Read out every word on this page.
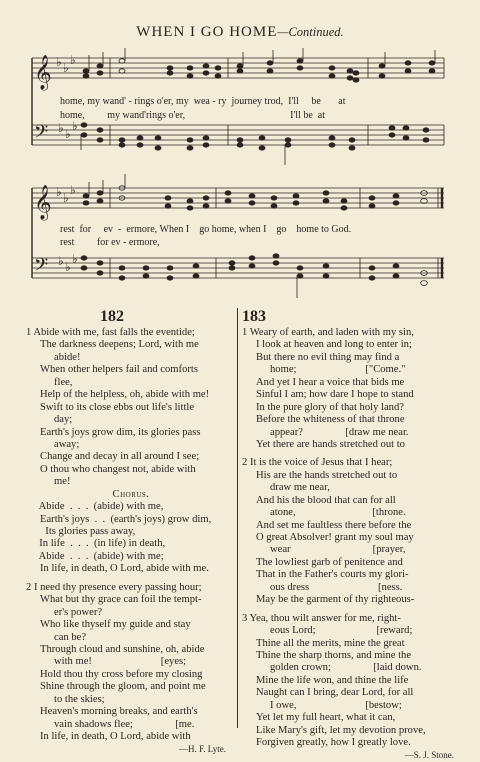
WHEN I GO HOME—Continued.
𝄞
𝄢
𝄞
𝄢
♭ ♭
♭
♭ ♭
♭
♭ ♭
♭
♭ ♭
♭
home, my wand' - rings o'er, my  wea - ry  journey trod,  I'll     be       at
home,         my wand'rings o'er,                                          I'll be  at
rest  for     ev  -  ermore, When I    go home, when I    go    home to God.
rest         for ev - ermore,
182	183
1 Abide with me, fast falls the eventide;
The darkness deepens; Lord, with me
abide!
When other helpers fail and comforts
flee,
Help of the helpless, oh, abide with me!
Swift to its close ebbs out life's little
day;
Earth's joys grow dim, its glories pass
away;
Change and decay in all around I see;
O thou who changest not, abide with
me!
Chorus.
Abide  .  .  .  (abide) with me,
Earth's joys  .  .  (earth's joys) grow dim,
Its glories pass away,
In life  .  .  .  (in life) in death,
Abide  .  .  .  (abide) with me;
In life, in death, O Lord, abide with me.
2 I need thy presence every passing hour;
What but thy grace can foil the tempt-
er's power?
Who like thyself my guide and stay
can be?
Through cloud and sunshine, oh, abide
with me!                          [eyes;
Hold thou thy cross before my closing
Shine through the gloom, and point me
to the skies;
Heaven's morning breaks, and earth's
vain shadows flee;                [me.
In life, in death, O Lord, abide with
—H. F. Lyte.
1 Weary of earth, and laden with my sin,
I look at heaven and long to enter in;
But there no evil thing may find a
home;                          ["Come."
And yet I hear a voice that bids me
Sinful I am; how dare I hope to stand
In the pure glory of that holy land?
Before the whiteness of that throne
appear?                [draw me near.
Yet there are hands stretched out to
2 It is the voice of Jesus that I hear;
His are the hands stretched out to
draw me near,
And his the blood that can for all
atone,                             [throne.
And set me faultless there before the
O great Absolver! grant my soul may
wear                               [prayer,
The lowliest garb of penitence and
That in the Father's courts my glori-
ous dress                          [ness.
May be the garment of thy righteous-
3 Yea, thou wilt answer for me, right-
eous Lord;                       [reward;
Thine all the merits, mine the great
Thine the sharp thorns, and mine the
golden crown;                [laid down.
Mine the life won, and thine the life
Naught can I bring, dear Lord, for all
I owe,                          [bestow;
Yet let my full heart, what it can,
Like Mary's gift, let my devotion prove,
Forgiven greatly, how I greatly love.
—S. J. Stone.
